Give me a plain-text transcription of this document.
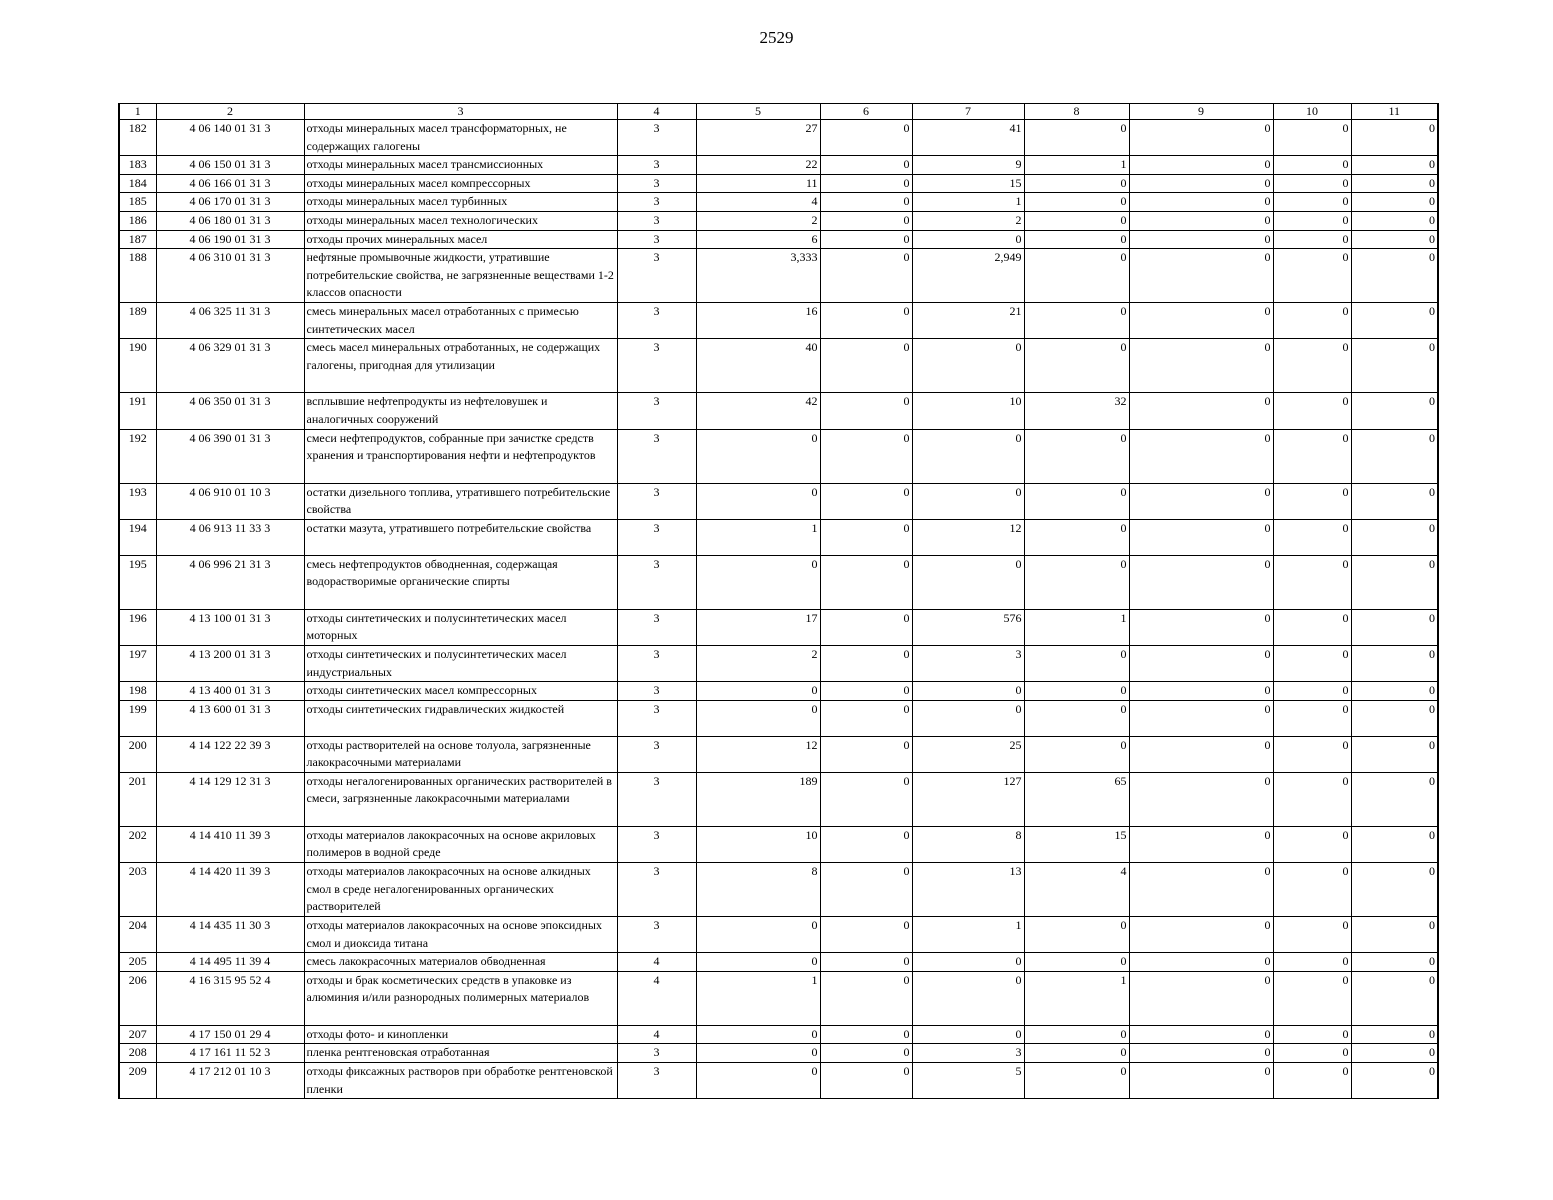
2529
1	2	3	4	5	6	7	8	9	10	11
182	4 06 140 01 31 3	отходы минеральных масел трансформаторных, не содержащих галогены	3	27	0	41	0	0	0	0
183	4 06 150 01 31 3	отходы минеральных масел трансмиссионных	3	22	0	9	1	0	0	0
184	4 06 166 01 31 3	отходы минеральных масел компрессорных	3	11	0	15	0	0	0	0
185	4 06 170 01 31 3	отходы минеральных масел турбинных	3	4	0	1	0	0	0	0
186	4 06 180 01 31 3	отходы минеральных масел технологических	3	2	0	2	0	0	0	0
187	4 06 190 01 31 3	отходы прочих минеральных масел	3	6	0	0	0	0	0	0
188	4 06 310 01 31 3	нефтяные промывочные жидкости, утратившие потребительские свойства, не загрязненные веществами 1-2 классов опасности	3	3,333	0	2,949	0	0	0	0
189	4 06 325 11 31 3	смесь минеральных масел отработанных с примесью синтетических масел	3	16	0	21	0	0	0	0
190	4 06 329 01 31 3	смесь масел минеральных отработанных, не содержащих галогены, пригодная для утилизации	3	40	0	0	0	0	0	0
191	4 06 350 01 31 3	всплывшие нефтепродукты из нефтеловушек и аналогичных сооружений	3	42	0	10	32	0	0	0
192	4 06 390 01 31 3	смеси нефтепродуктов, собранные при зачистке средств хранения и транспортирования нефти и нефтепродуктов	3	0	0	0	0	0	0	0
193	4 06 910 01 10 3	остатки дизельного топлива, утратившего потребительские свойства	3	0	0	0	0	0	0	0
194	4 06 913 11 33 3	остатки мазута, утратившего потребительские свойства	3	1	0	12	0	0	0	0
195	4 06 996 21 31 3	смесь нефтепродуктов обводненная, содержащая водорастворимые органические спирты	3	0	0	0	0	0	0	0
196	4 13 100 01 31 3	отходы синтетических и полусинтетических масел моторных	3	17	0	576	1	0	0	0
197	4 13 200 01 31 3	отходы синтетических и полусинтетических масел индустриальных	3	2	0	3	0	0	0	0
198	4 13 400 01 31 3	отходы синтетических масел компрессорных	3	0	0	0	0	0	0	0
199	4 13 600 01 31 3	отходы синтетических гидравлических жидкостей	3	0	0	0	0	0	0	0
200	4 14 122 22 39 3	отходы растворителей на основе толуола, загрязненные лакокрасочными материалами	3	12	0	25	0	0	0	0
201	4 14 129 12 31 3	отходы негалогенированных органических растворителей в смеси, загрязненные лакокрасочными материалами	3	189	0	127	65	0	0	0
202	4 14 410 11 39 3	отходы материалов лакокрасочных на основе акриловых полимеров в водной среде	3	10	0	8	15	0	0	0
203	4 14 420 11 39 3	отходы материалов лакокрасочных на основе алкидных смол в среде негалогенированных органических растворителей	3	8	0	13	4	0	0	0
204	4 14 435 11 30 3	отходы материалов лакокрасочных на основе эпоксидных смол и диоксида титана	3	0	0	1	0	0	0	0
205	4 14 495 11 39 4	смесь лакокрасочных материалов обводненная	4	0	0	0	0	0	0	0
206	4 16 315 95 52 4	отходы и брак косметических средств в упаковке из алюминия и/или разнородных полимерных материалов	4	1	0	0	1	0	0	0
207	4 17 150 01 29 4	отходы фото- и кинопленки	4	0	0	0	0	0	0	0
208	4 17 161 11 52 3	пленка рентгеновская отработанная	3	0	0	3	0	0	0	0
209	4 17 212 01 10 3	отходы фиксажных растворов при обработке рентгеновской пленки	3	0	0	5	0	0	0	0
